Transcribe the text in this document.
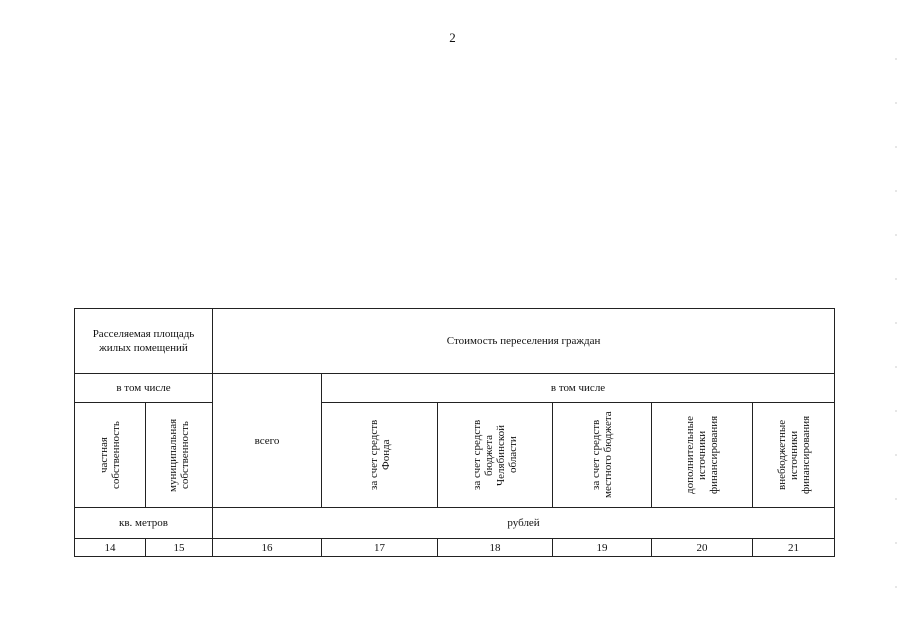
2
Расселяемая площадь жилых помещений		Стоимость переселения граждан					

в том числе		всего	в том числе				

частная собственность	муниципальная собственность		за счет средств Фонда	за счет средств бюджета Челябинской области	за счет средств местного бюджета	дополнительные источники финансирования	внебюджетные источники финансирования

кв. метров		рублей					
14	15	16	17	18	19	20	21
